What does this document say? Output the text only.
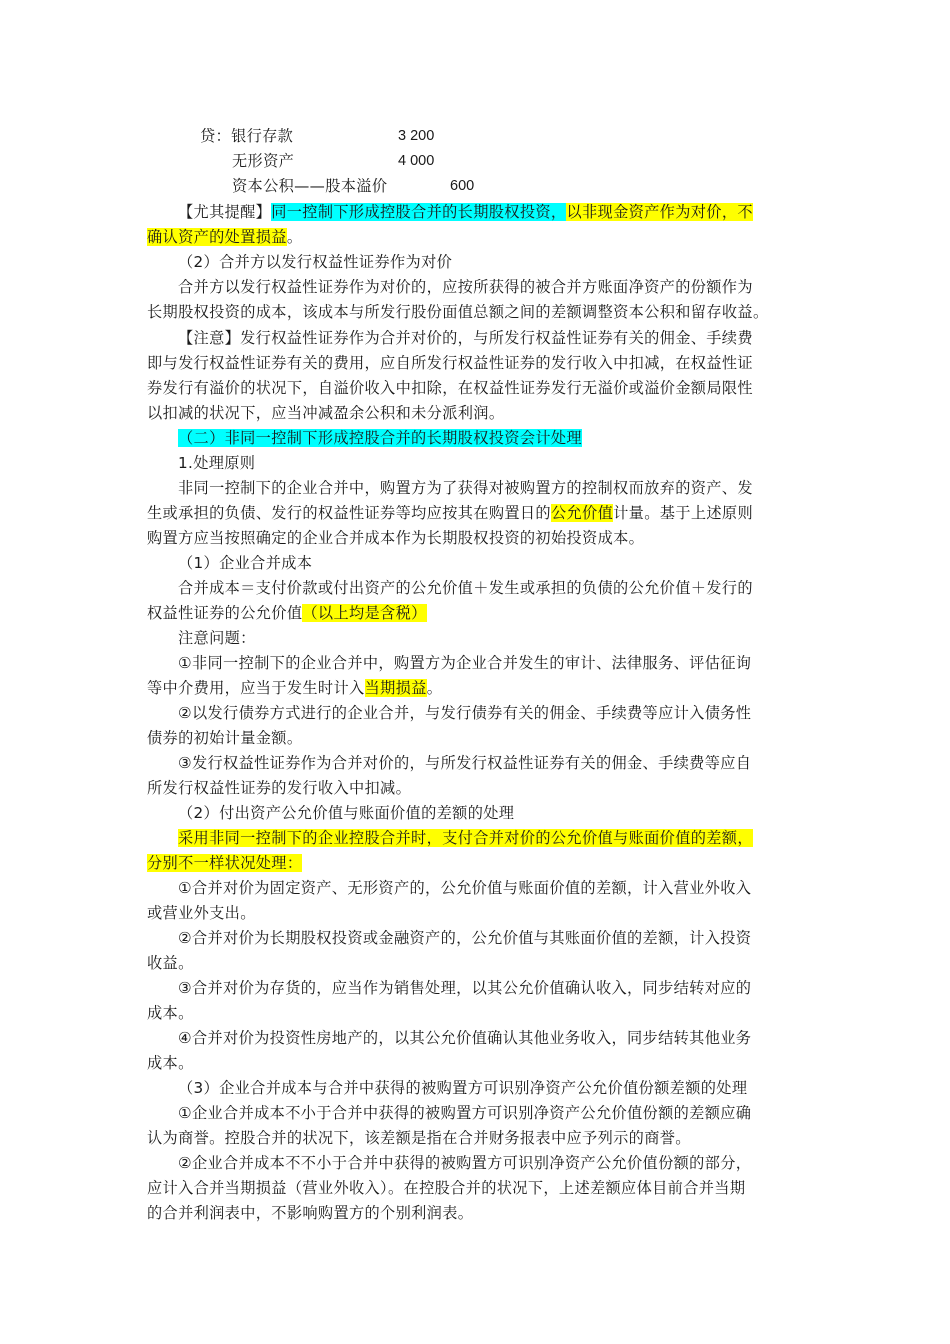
贷：银行存款	3 200
无形资产	4 000
资本公积——股本溢价	600
【尤其提醒】同一控制下形成控股合并的长期股权投资，以非现金资产作为对价，不
确认资产的处置损益。
（2）合并方以发行权益性证券作为对价
合并方以发行权益性证券作为对价的，应按所获得的被合并方账面净资产的份额作为
长期股权投资的成本，该成本与所发行股份面值总额之间的差额调整资本公积和留存收益。
【注意】发行权益性证券作为合并对价的，与所发行权益性证券有关的佣金、手续费
即与发行权益性证券有关的费用，应自所发行权益性证券的发行收入中扣减，在权益性证
券发行有溢价的状况下，自溢价收入中扣除，在权益性证券发行无溢价或溢价金额局限性
以扣减的状况下，应当冲减盈余公积和未分派利润。
（二）非同一控制下形成控股合并的长期股权投资会计处理
1.处理原则
非同一控制下的企业合并中，购置方为了获得对被购置方的控制权而放弃的资产、发
生或承担的负债、发行的权益性证券等均应按其在购置日的公允价值计量。基于上述原则
购置方应当按照确定的企业合并成本作为长期股权投资的初始投资成本。
（1）企业合并成本
合并成本＝支付价款或付出资产的公允价值＋发生或承担的负债的公允价值＋发行的
权益性证券的公允价值（以上均是含税）
注意问题：
①非同一控制下的企业合并中，购置方为企业合并发生的审计、法律服务、评估征询
等中介费用，应当于发生时计入当期损益。
②以发行债券方式进行的企业合并，与发行债券有关的佣金、手续费等应计入债务性
债券的初始计量金额。
③发行权益性证券作为合并对价的，与所发行权益性证券有关的佣金、手续费等应自
所发行权益性证券的发行收入中扣减。
（2）付出资产公允价值与账面价值的差额的处理
采用非同一控制下的企业控股合并时，支付合并对价的公允价值与账面价值的差额，
分别不一样状况处理：
①合并对价为固定资产、无形资产的，公允价值与账面价值的差额，计入营业外收入
或营业外支出。
②合并对价为长期股权投资或金融资产的，公允价值与其账面价值的差额，计入投资
收益。
③合并对价为存货的，应当作为销售处理，以其公允价值确认收入，同步结转对应的
成本。
④合并对价为投资性房地产的，以其公允价值确认其他业务收入，同步结转其他业务
成本。
（3）企业合并成本与合并中获得的被购置方可识别净资产公允价值份额差额的处理
①企业合并成本不小于合并中获得的被购置方可识别净资产公允价值份额的差额应确
认为商誉。控股合并的状况下，该差额是指在合并财务报表中应予列示的商誉。
②企业合并成本不不小于合并中获得的被购置方可识别净资产公允价值份额的部分，
应计入合并当期损益（营业外收入）。在控股合并的状况下，上述差额应体目前合并当期
的合并利润表中，不影响购置方的个别利润表。
